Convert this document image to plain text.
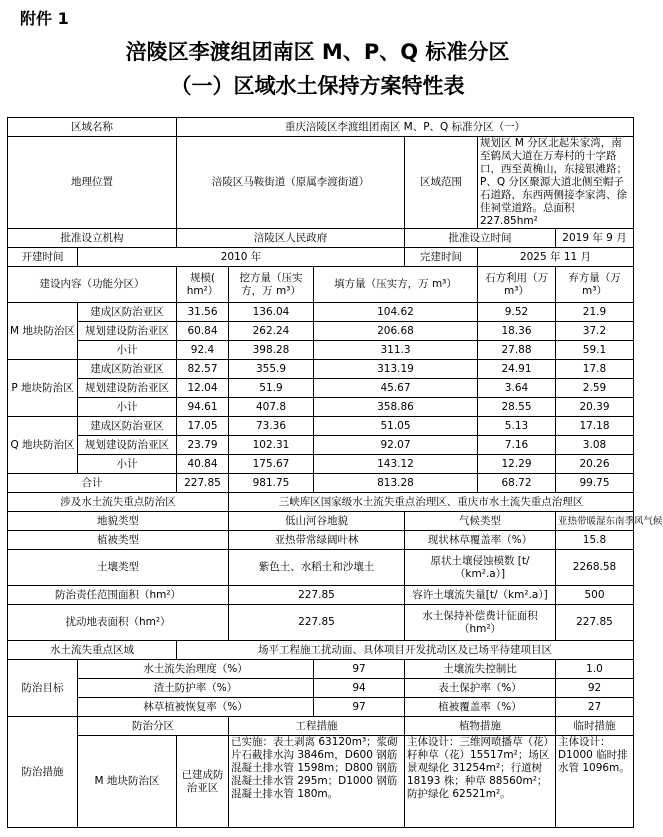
附件 1
涪陵区李渡组团南区 M、P、Q 标准分区
（一）区域水土保持方案特性表
区域名称		重庆涪陵区李渡组团南区 M、P、Q 标准分区（一）					
地理位置		涪陵区马鞍街道（原属李渡街道）			区域范围	规划区 M 分区北起朱家湾，南至鹤凤大道在万寿村的十字路口，西至黄桷山，东接银滩路；P、Q 分区聚源大道北侧至帽子石道路，东西两侧接李家湾、徐佳祠堂道路。总面积 227.85hm²	
批准设立机构		涪陵区人民政府			批准设立时间		2019 年 9 月
开建时间	2010 年				完建时间	2025 年 11 月	
建设内容（功能分区）		规模( hm²）	挖方量（压实方，万 m³）	填方量（压实方，万 m³）		石方利用（万 m³）	弃方量（万 m³）
M 地块防治区	建成区防治亚区	31.56	136.04	104.62		9.52	21.9
	规划建设防治亚区	60.84	262.24	206.68		18.36	37.2
	小计	92.4	398.28	311.3		27.88	59.1
P 地块防治区	建成区防治亚区	82.57	355.9	313.19		24.91	17.8
	规划建设防治亚区	12.04	51.9	45.67		3.64	2.59
	小计	94.61	407.8	358.86		28.55	20.39
Q 地块防治区	建成区防治亚区	17.05	73.36	51.05		5.13	17.18
	规划建设防治亚区	23.79	102.31	92.07		7.16	3.08
	小计	40.84	175.67	143.12		12.29	20.26
合计		227.85	981.75	813.28		68.72	99.75
涉及水土流失重点防治区			三峡库区国家级水土流失重点治理区、重庆市水土流失重点治理区				
地貌类型			低山河谷地貌		气候类型		亚热带暖湿东南季风气候
植被类型			亚热带常绿阔叶林		现状林草覆盖率（%）		15.8
土壤类型			紫色土、水稻土和沙壤土		原状土壤侵蚀模数 [t/（km².a）]		2268.58
防治责任范围面积（hm²）			227.85		容许土壤流失量[t/（km².a）]		500
扰动地表面积（hm²）			227.85		水土保持补偿费计征面积（hm²）		227.85
水土流失重点区域		场平工程施工扰动面、具体项目开发扰动区及已场平待建项目区					
防治目标	水土流失治理度（%）			97	土壤流失控制比		1.0
	渣土防护率（%）			94	表土保护率（%）		92
	林草植被恢复率（%）			97	植被覆盖率（%）		27
防治措施	防治分区		工程措施		植物措施		临时措施
	M 地块防治区	已建成防治亚区	已实施：表土剥离 63120m³；浆砌片石截排水沟 3846m，D600 钢筋混凝土排水管 1598m；D800 钢筋混凝土排水管 295m；D1000 钢筋混凝土排水管 180m。		主体设计：三维网喷播草（花）籽种草（花）15517m²；场区景观绿化 31254m²；行道树 18193 株；种草 88560m²；防护绿化 62521m²。		主体设计：D1000 临时排水管 1096m。
